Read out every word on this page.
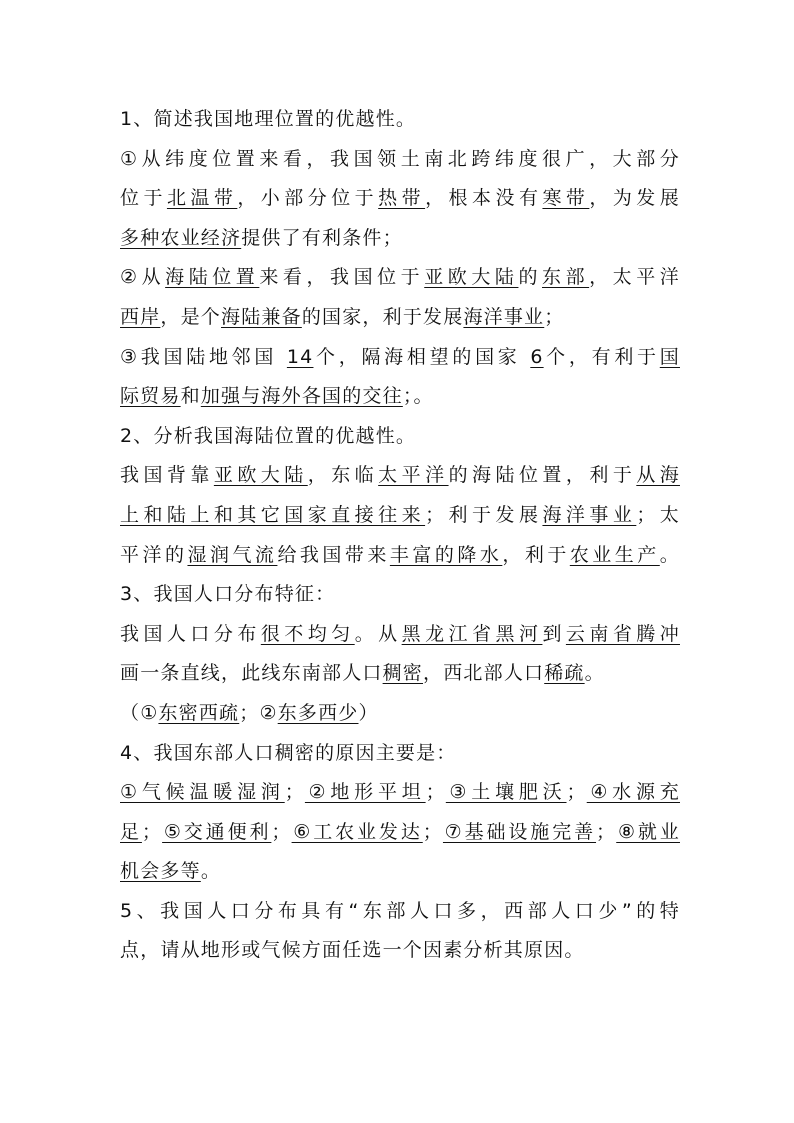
1、简述我国地理位置的优越性。
①从纬度位置来看，我国领土南北跨纬度很广，大部分
位于北温带，小部分位于热带，根本没有寒带，为发展
多种农业经济提供了有利条件；
②从海陆位置来看，我国位于亚欧大陆的东部，太平洋
西岸，是个海陆兼备的国家，利于发展海洋事业；
③我国陆地邻国 14个，隔海相望的国家 6个，有利于国
际贸易和加强与海外各国的交往；。
2、分析我国海陆位置的优越性。
我国背靠亚欧大陆，东临太平洋的海陆位置，利于从海
上和陆上和其它国家直接往来；利于发展海洋事业；太
平洋的湿润气流给我国带来丰富的降水，利于农业生产。
3、我国人口分布特征：
我国人口分布很不均匀。从黑龙江省黑河到云南省腾冲
画一条直线，此线东南部人口稠密，西北部人口稀疏。
（①东密西疏；②东多西少）
4、我国东部人口稠密的原因主要是：
①气候温暖湿润；②地形平坦；③土壤肥沃；④水源充
足；⑤交通便利；⑥工农业发达；⑦基础设施完善；⑧就业
机会多等。
5、我国人口分布具有“东部人口多，西部人口少”的特
点，请从地形或气候方面任选一个因素分析其原因。
